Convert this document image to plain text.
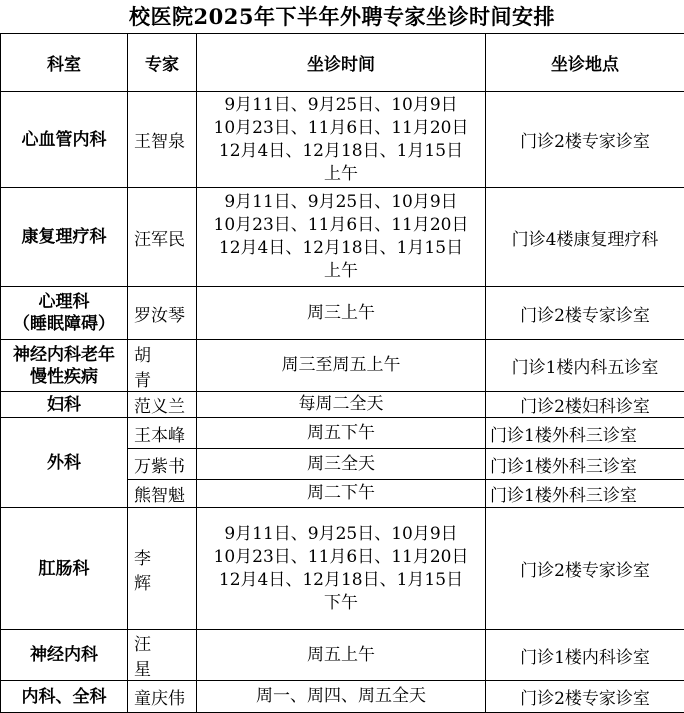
校医院2025年下半年外聘专家坐诊时间安排
科室	专家	坐诊时间	坐诊地点
心血管内科	王智泉	9月11日、9月25日、10月9日
10月23日、11月6日、11月20日
12月4日、12月18日、1月15日
上午	门诊2楼专家诊室
康复理疗科	汪军民	9月11日、9月25日、10月9日
10月23日、11月6日、11月20日
12月4日、12月18日、1月15日
上午	门诊4楼康复理疗科

心理科
（睡眠障碍）	罗汝琴	周三上午	门诊2楼专家诊室

神经内科老年
慢性疾病	胡 青	周三至周五上午	门诊1楼内科五诊室
妇科	范义兰	每周二全天	门诊2楼妇科诊室
外科	王本峰	周五下午	门诊1楼外科三诊室
	万紫书	周三全天	门诊1楼外科三诊室
	熊智魁	周二下午	门诊1楼外科三诊室
肛肠科	李 辉	9月11日、9月25日、10月9日
10月23日、11月6日、11月20日
12月4日、12月18日、1月15日
下午	门诊2楼专家诊室
神经内科	汪 星	周五上午	门诊1楼内科诊室
内科、全科	童庆伟	周一、周四、周五全天	门诊2楼专家诊室
